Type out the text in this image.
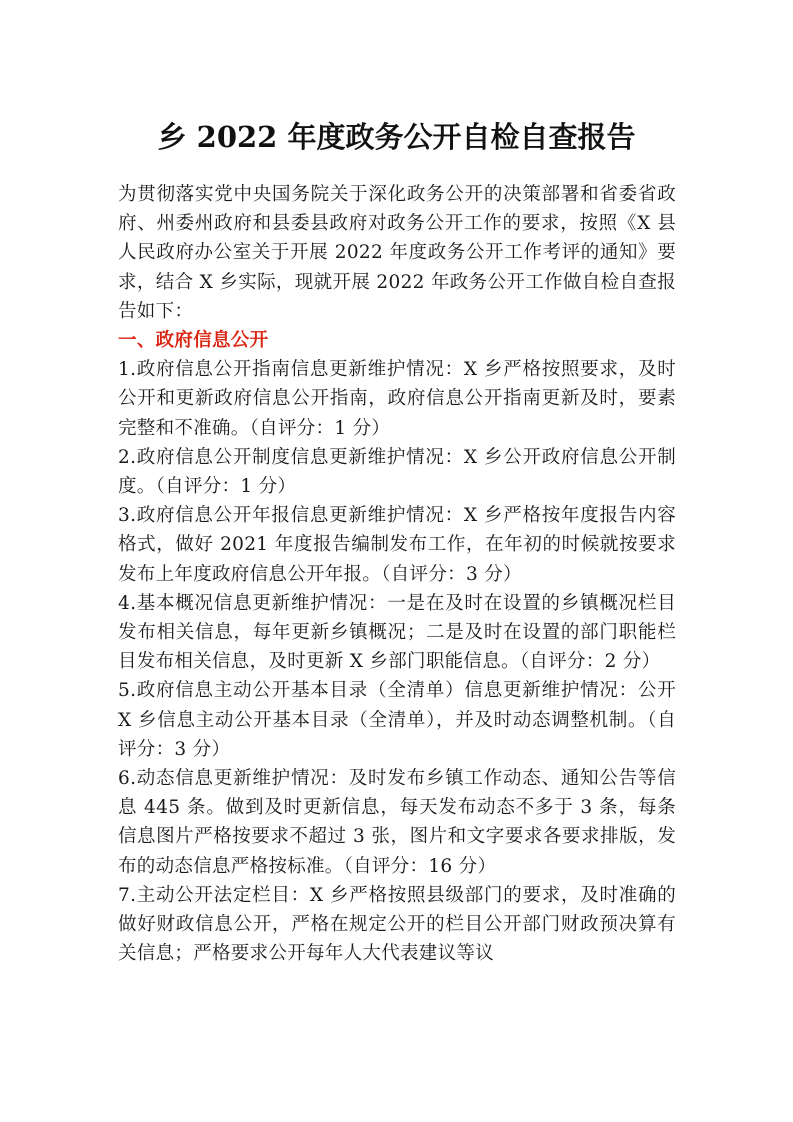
乡 2022 年度政务公开自检自查报告

为贯彻落实党中央国务院关于深化政务公开的决策部署和省委省政府、州委州政府和县委县政府对政务公开工作的要求，按照《X 县人民政府办公室关于开展 2022 年度政务公开工作考评的通知》要求，结合 X 乡实际，现就开展 2022 年政务公开工作做自检自查报告如下：

一、政府信息公开

1.政府信息公开指南信息更新维护情况：X 乡严格按照要求，及时公开和更新政府信息公开指南，政府信息公开指南更新及时，要素完整和不准确。（自评分：1 分）

2.政府信息公开制度信息更新维护情况：X 乡公开政府信息公开制度。（自评分：1 分）

3.政府信息公开年报信息更新维护情况：X 乡严格按年度报告内容格式，做好 2021 年度报告编制发布工作，在年初的时候就按要求发布上年度政府信息公开年报。（自评分：3 分）

4.基本概况信息更新维护情况：一是在及时在设置的乡镇概况栏目发布相关信息，每年更新乡镇概况；二是及时在设置的部门职能栏目发布相关信息，及时更新 X 乡部门职能信息。（自评分：2 分）

5.政府信息主动公开基本目录（全清单）信息更新维护情况：公开 X 乡信息主动公开基本目录（全清单），并及时动态调整机制。（自评分：3 分）

6.动态信息更新维护情况：及时发布乡镇工作动态、通知公告等信息 445 条。做到及时更新信息，每天发布动态不多于 3 条，每条信息图片严格按要求不超过 3 张，图片和文字要求各要求排版，发布的动态信息严格按标准。（自评分：16 分）

7.主动公开法定栏目：X 乡严格按照县级部门的要求，及时准确的做好财政信息公开，严格在规定公开的栏目公开部门财政预决算有关信息；严格要求公开每年人大代表建议等议
